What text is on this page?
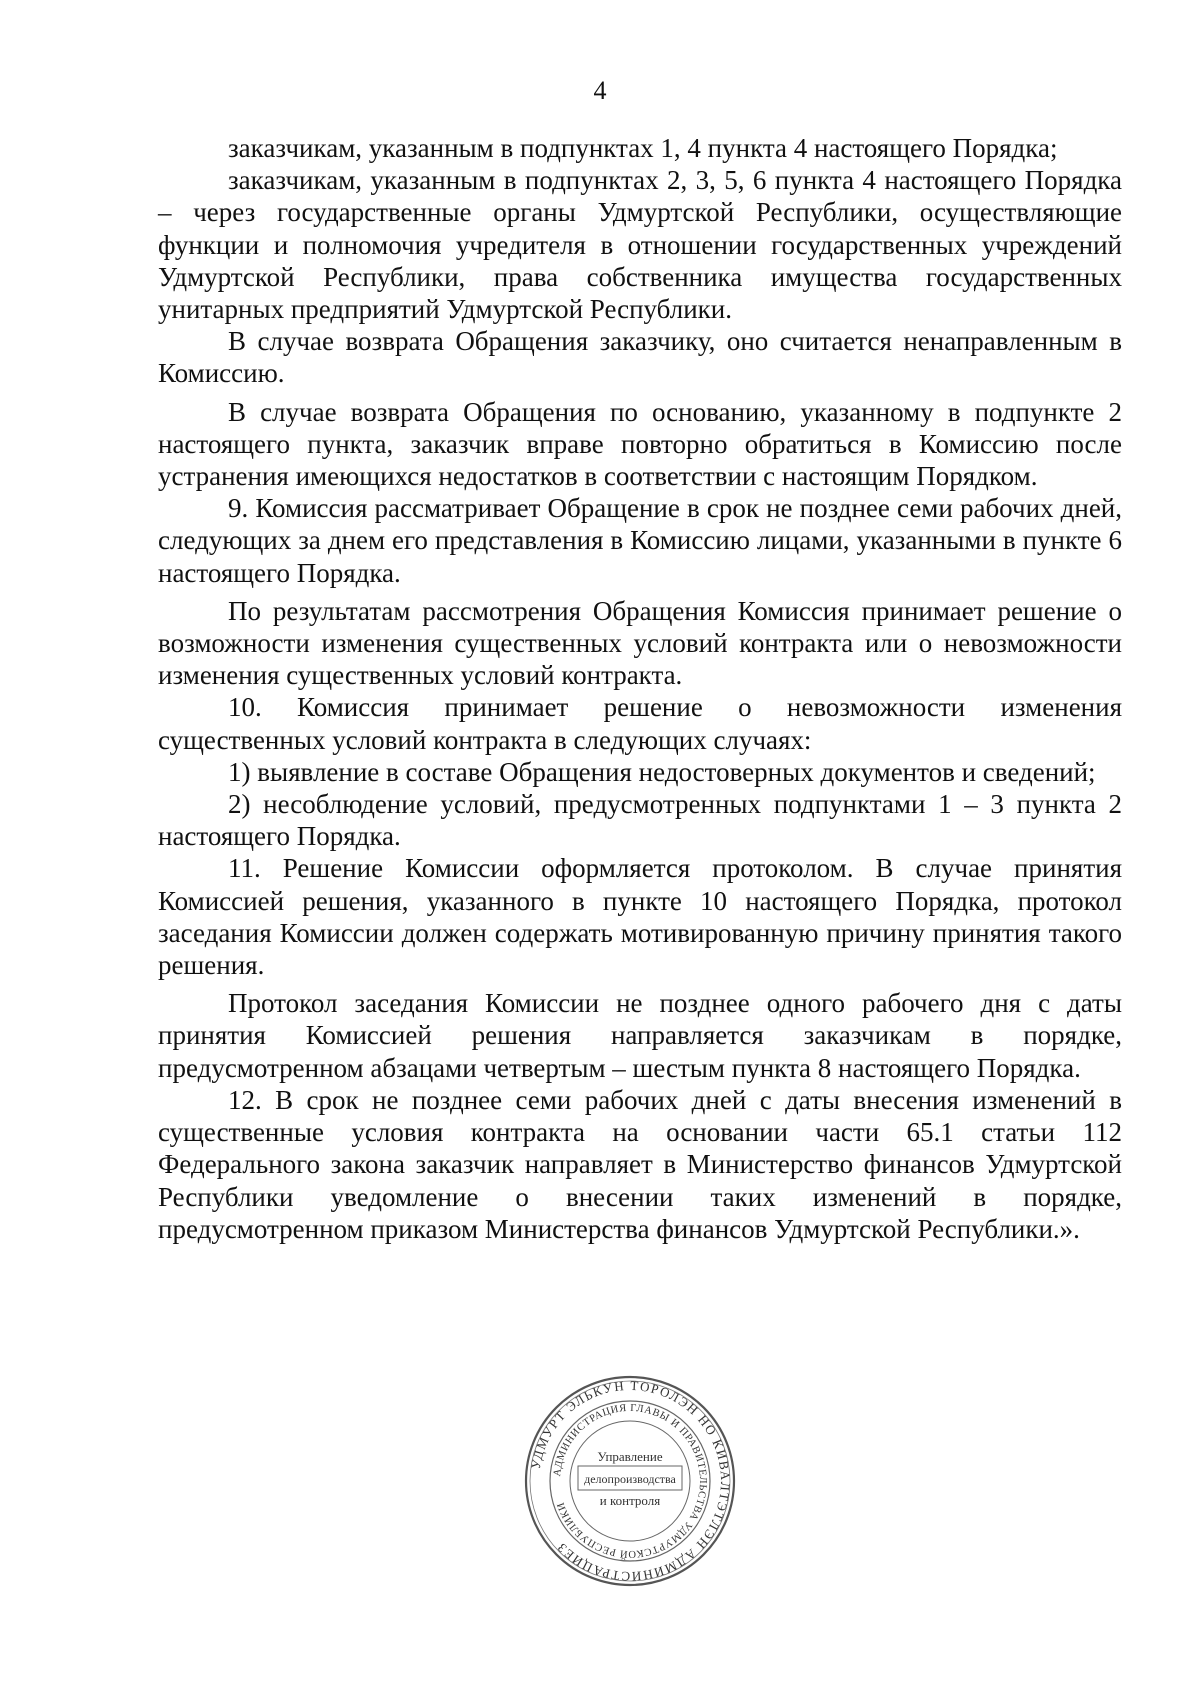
4

заказчикам, указанным в подпунктах 1, 4 пункта 4 настоящего Порядка;

заказчикам, указанным в подпунктах 2, 3, 5, 6 пункта 4 настоящего Порядка – через государственные органы Удмуртской Республики, осуществляющие функции и полномочия учредителя в отношении государственных учреждений Удмуртской Республики, права собственника имущества государственных унитарных предприятий Удмуртской Республики.

В случае возврата Обращения заказчику, оно считается ненаправленным в Комиссию.

В случае возврата Обращения по основанию, указанному в подпункте 2 настоящего пункта, заказчик вправе повторно обратиться в Комиссию после устранения имеющихся недостатков в соответствии с настоящим Порядком.

9. Комиссия рассматривает Обращение в срок не позднее семи рабочих дней, следующих за днем его представления в Комиссию лицами, указанными в пункте 6 настоящего Порядка.

По результатам рассмотрения Обращения Комиссия принимает решение о возможности изменения существенных условий контракта или о невозможности изменения существенных условий контракта.

10. Комиссия принимает решение о невозможности изменения существенных условий контракта в следующих случаях:

1) выявление в составе Обращения недостоверных документов и сведений;

2) несоблюдение условий, предусмотренных подпунктами 1 – 3 пункта 2 настоящего Порядка.

11. Решение Комиссии оформляется протоколом. В случае принятия Комиссией решения, указанного в пункте 10 настоящего Порядка, протокол заседания Комиссии должен содержать мотивированную причину принятия такого решения.

Протокол заседания Комиссии не позднее одного рабочего дня с даты принятия Комиссией решения направляется заказчикам в порядке, предусмотренном абзацами четвертым – шестым пункта 8 настоящего Порядка.

12. В срок не позднее семи рабочих дней с даты внесения изменений в существенные условия контракта на основании части 65.1 статьи 112 Федерального закона заказчик направляет в Министерство финансов Удмуртской Республики уведомление о внесении таких изменений в порядке, предусмотренном приказом Министерства финансов Удмуртской Республики.».

УДМУРТ ЭЛЬКУН ТОРОЛЭН НО КИВАЛТЭТЛЭН АДМИНИСТРАЦИЕЗ
АДМИНИСТРАЦИЯ ГЛАВЫ И ПРАВИТЕЛЬСТВА УДМУРТСКОЙ РЕСПУБЛИКИ
Управление
делопроизводства
и контроля
